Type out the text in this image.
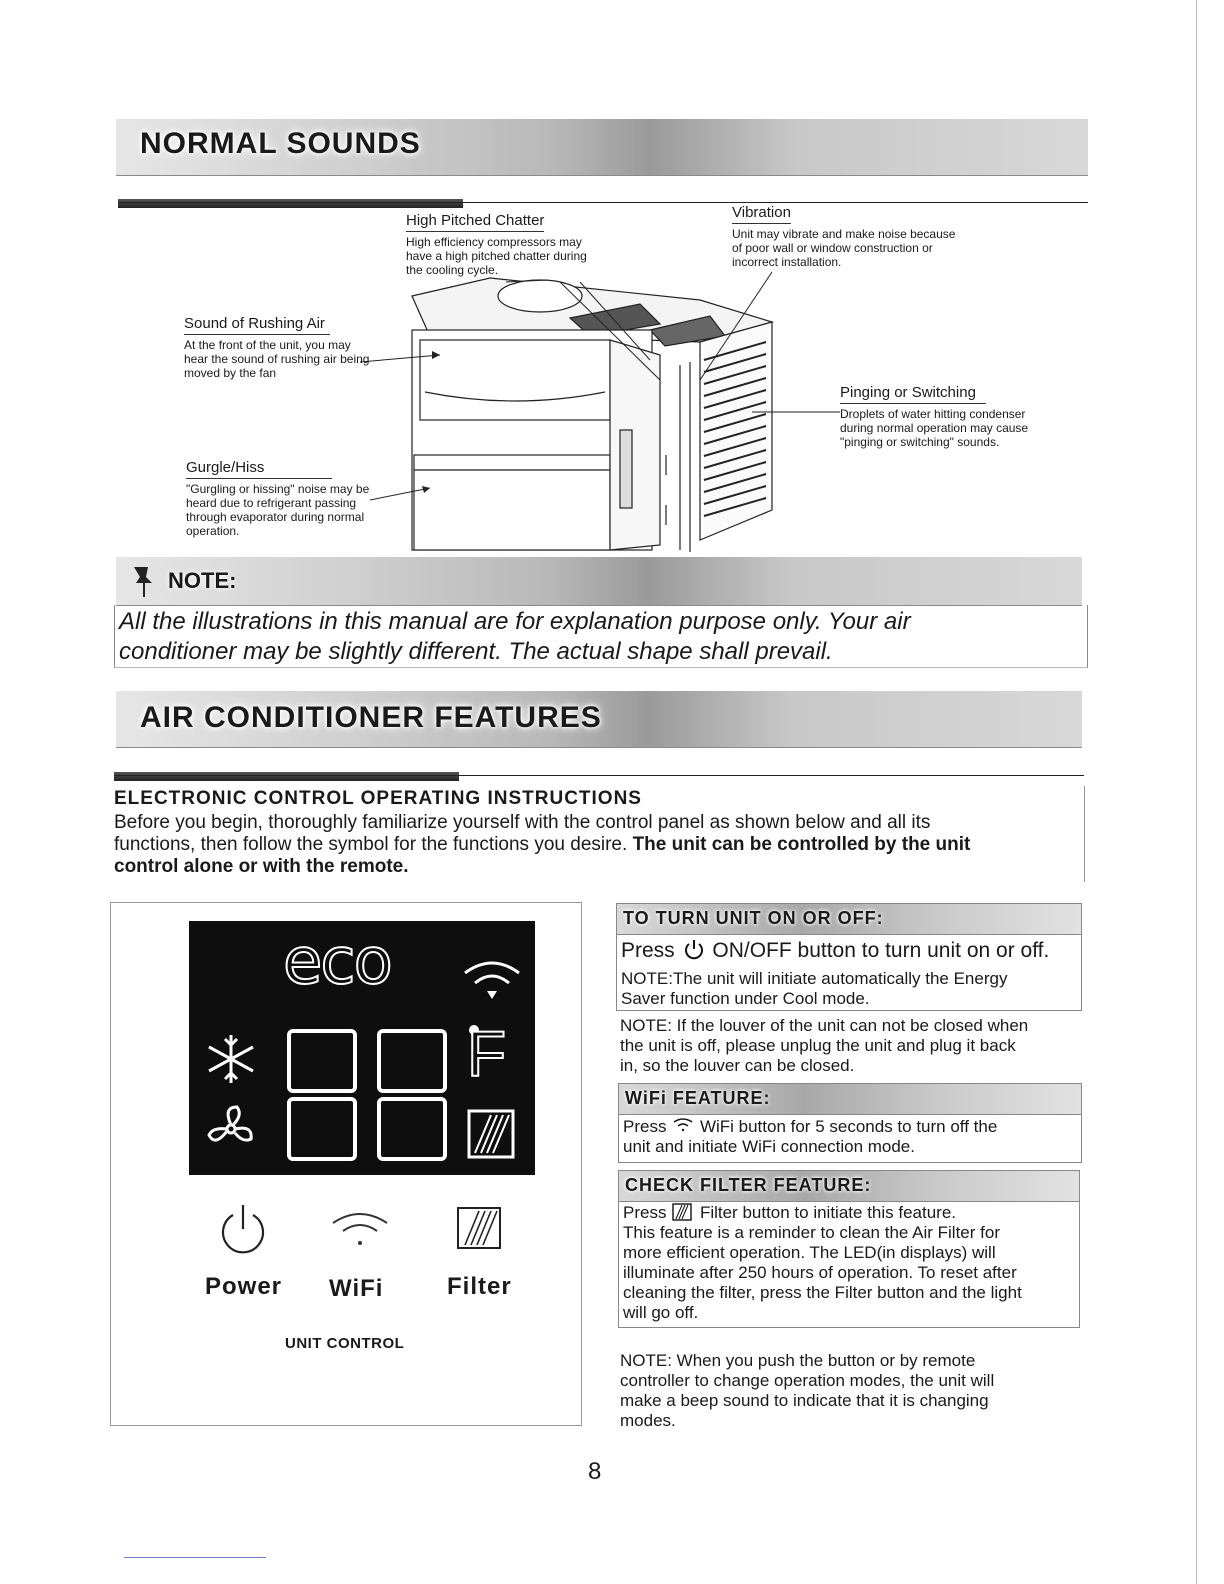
NORMAL SOUNDS
High Pitched Chatter
High efficiency compressors may have a high pitched chatter during the cooling cycle.
Vibration
Unit may vibrate and make noise because of poor wall or window construction or incorrect installation.
Sound of Rushing Air
At the front of the unit, you may hear the sound of rushing air being moved by the fan
Pinging or Switching
Droplets of water hitting condenser during normal operation may cause "pinging or switching" sounds.
Gurgle/Hiss
"Gurgling or hissing" noise may be heard due to refrigerant passing through evaporator during normal operation.
NOTE:
All the illustrations in this manual are for explanation purpose only. Your air
conditioner may be slightly different. The actual shape shall prevail.
AIR CONDITIONER FEATURES
ELECTRONIC CONTROL OPERATING INSTRUCTIONS
Before you begin, thoroughly familiarize yourself with the control panel as shown below and all its
functions, then follow the symbol for the functions you desire. The unit can be controlled by the unit
control alone or with the remote.
eco
F
Power WiFi	Filter
UNIT CONTROL
TO TURN UNIT ON OR OFF:
Press ON/OFF button to turn unit on or off.
NOTE:The unit will initiate automatically the Energy
Saver function under Cool mode.
NOTE: If the louver of the unit can not be closed when
the unit is off, please unplug the unit and plug it back
in, so the louver can be closed.
WiFi FEATURE:
Press WiFi button for 5 seconds to turn off the
unit and initiate WiFi connection mode.
CHECK FILTER FEATURE:
Press Filter button to initiate this feature.
This feature is a reminder to clean the Air Filter for
more efficient operation. The LED(in displays) will
illuminate after 250 hours of operation. To reset after
cleaning the filter, press the Filter button and the light
will go off.
NOTE: When you push the button or by remote
controller to change operation modes, the unit will
make a beep sound to indicate that it is changing
modes.
8
